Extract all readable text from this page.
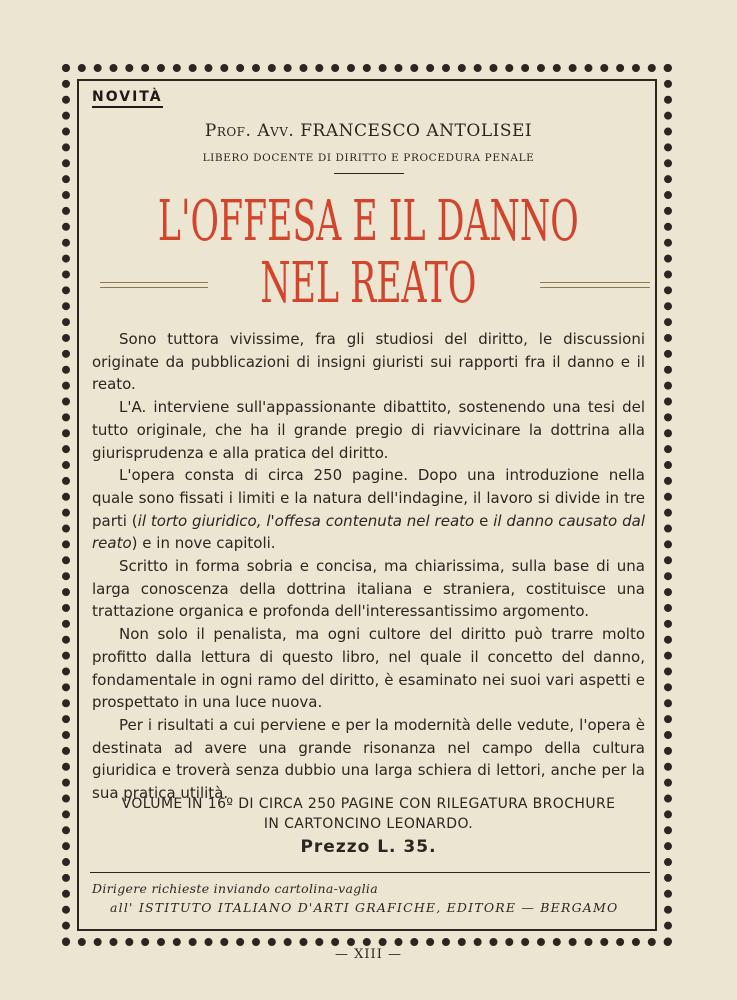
NOVITÀ
Prof. Avv. FRANCESCO ANTOLISEI
LIBERO DOCENTE DI DIRITTO E PROCEDURA PENALE
L'OFFESA E IL DANNO
NEL REATO

Sono tuttora vivissime, fra gli studiosi del diritto, le discussioni originate da pubblicazioni di insigni giuristi sui rapporti fra il danno e il reato.

L'A. interviene sull'appassionante dibattito, sostenendo una tesi del tutto originale, che ha il grande pregio di riavvicinare la dottrina alla giurisprudenza e alla pratica del diritto.

L'opera consta di circa 250 pagine. Dopo una introduzione nella quale sono fissati i limiti e la natura dell'indagine, il lavoro si divide in tre parti (il torto giuridico, l'offesa contenuta nel reato e il danno causato dal reato) e in nove capitoli.

Scritto in forma sobria e concisa, ma chiarissima, sulla base di una larga conoscenza della dottrina italiana e straniera, costituisce una trattazione organica e profonda dell'interessantissimo argomento.

Non solo il penalista, ma ogni cultore del diritto può trarre molto profitto dalla lettura di questo libro, nel quale il concetto del danno, fondamentale in ogni ramo del diritto, è esaminato nei suoi vari aspetti e prospettato in una luce nuova.

Per i risultati a cui perviene e per la modernità delle vedute, l'opera è destinata ad avere una grande risonanza nel campo della cultura giuridica e troverà senza dubbio una larga schiera di lettori, anche per la sua pratica utilità.

VOLUME IN 16º DI CIRCA 250 PAGINE CON RILEGATURA BROCHURE
IN CARTONCINO LEONARDO.
Prezzo L. 35.
Dirigere richieste inviando cartolina-vaglia
all' ISTITUTO ITALIANO D'ARTI GRAFICHE, EDITORE — BERGAMO
— XIII —
